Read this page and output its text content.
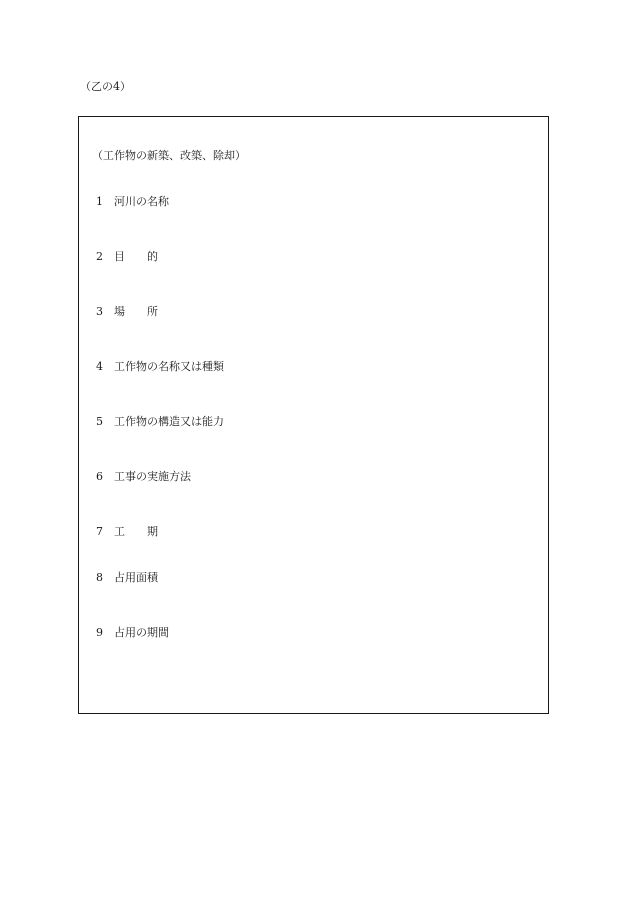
（乙の4）
（工作物の新築、改築、除却）
1 河川の名称
2 目 的
3 場 所
4 工作物の名称又は種類
5 工作物の構造又は能力
6 工事の実施方法
7 工 期
8 占用面積
9 占用の期間
